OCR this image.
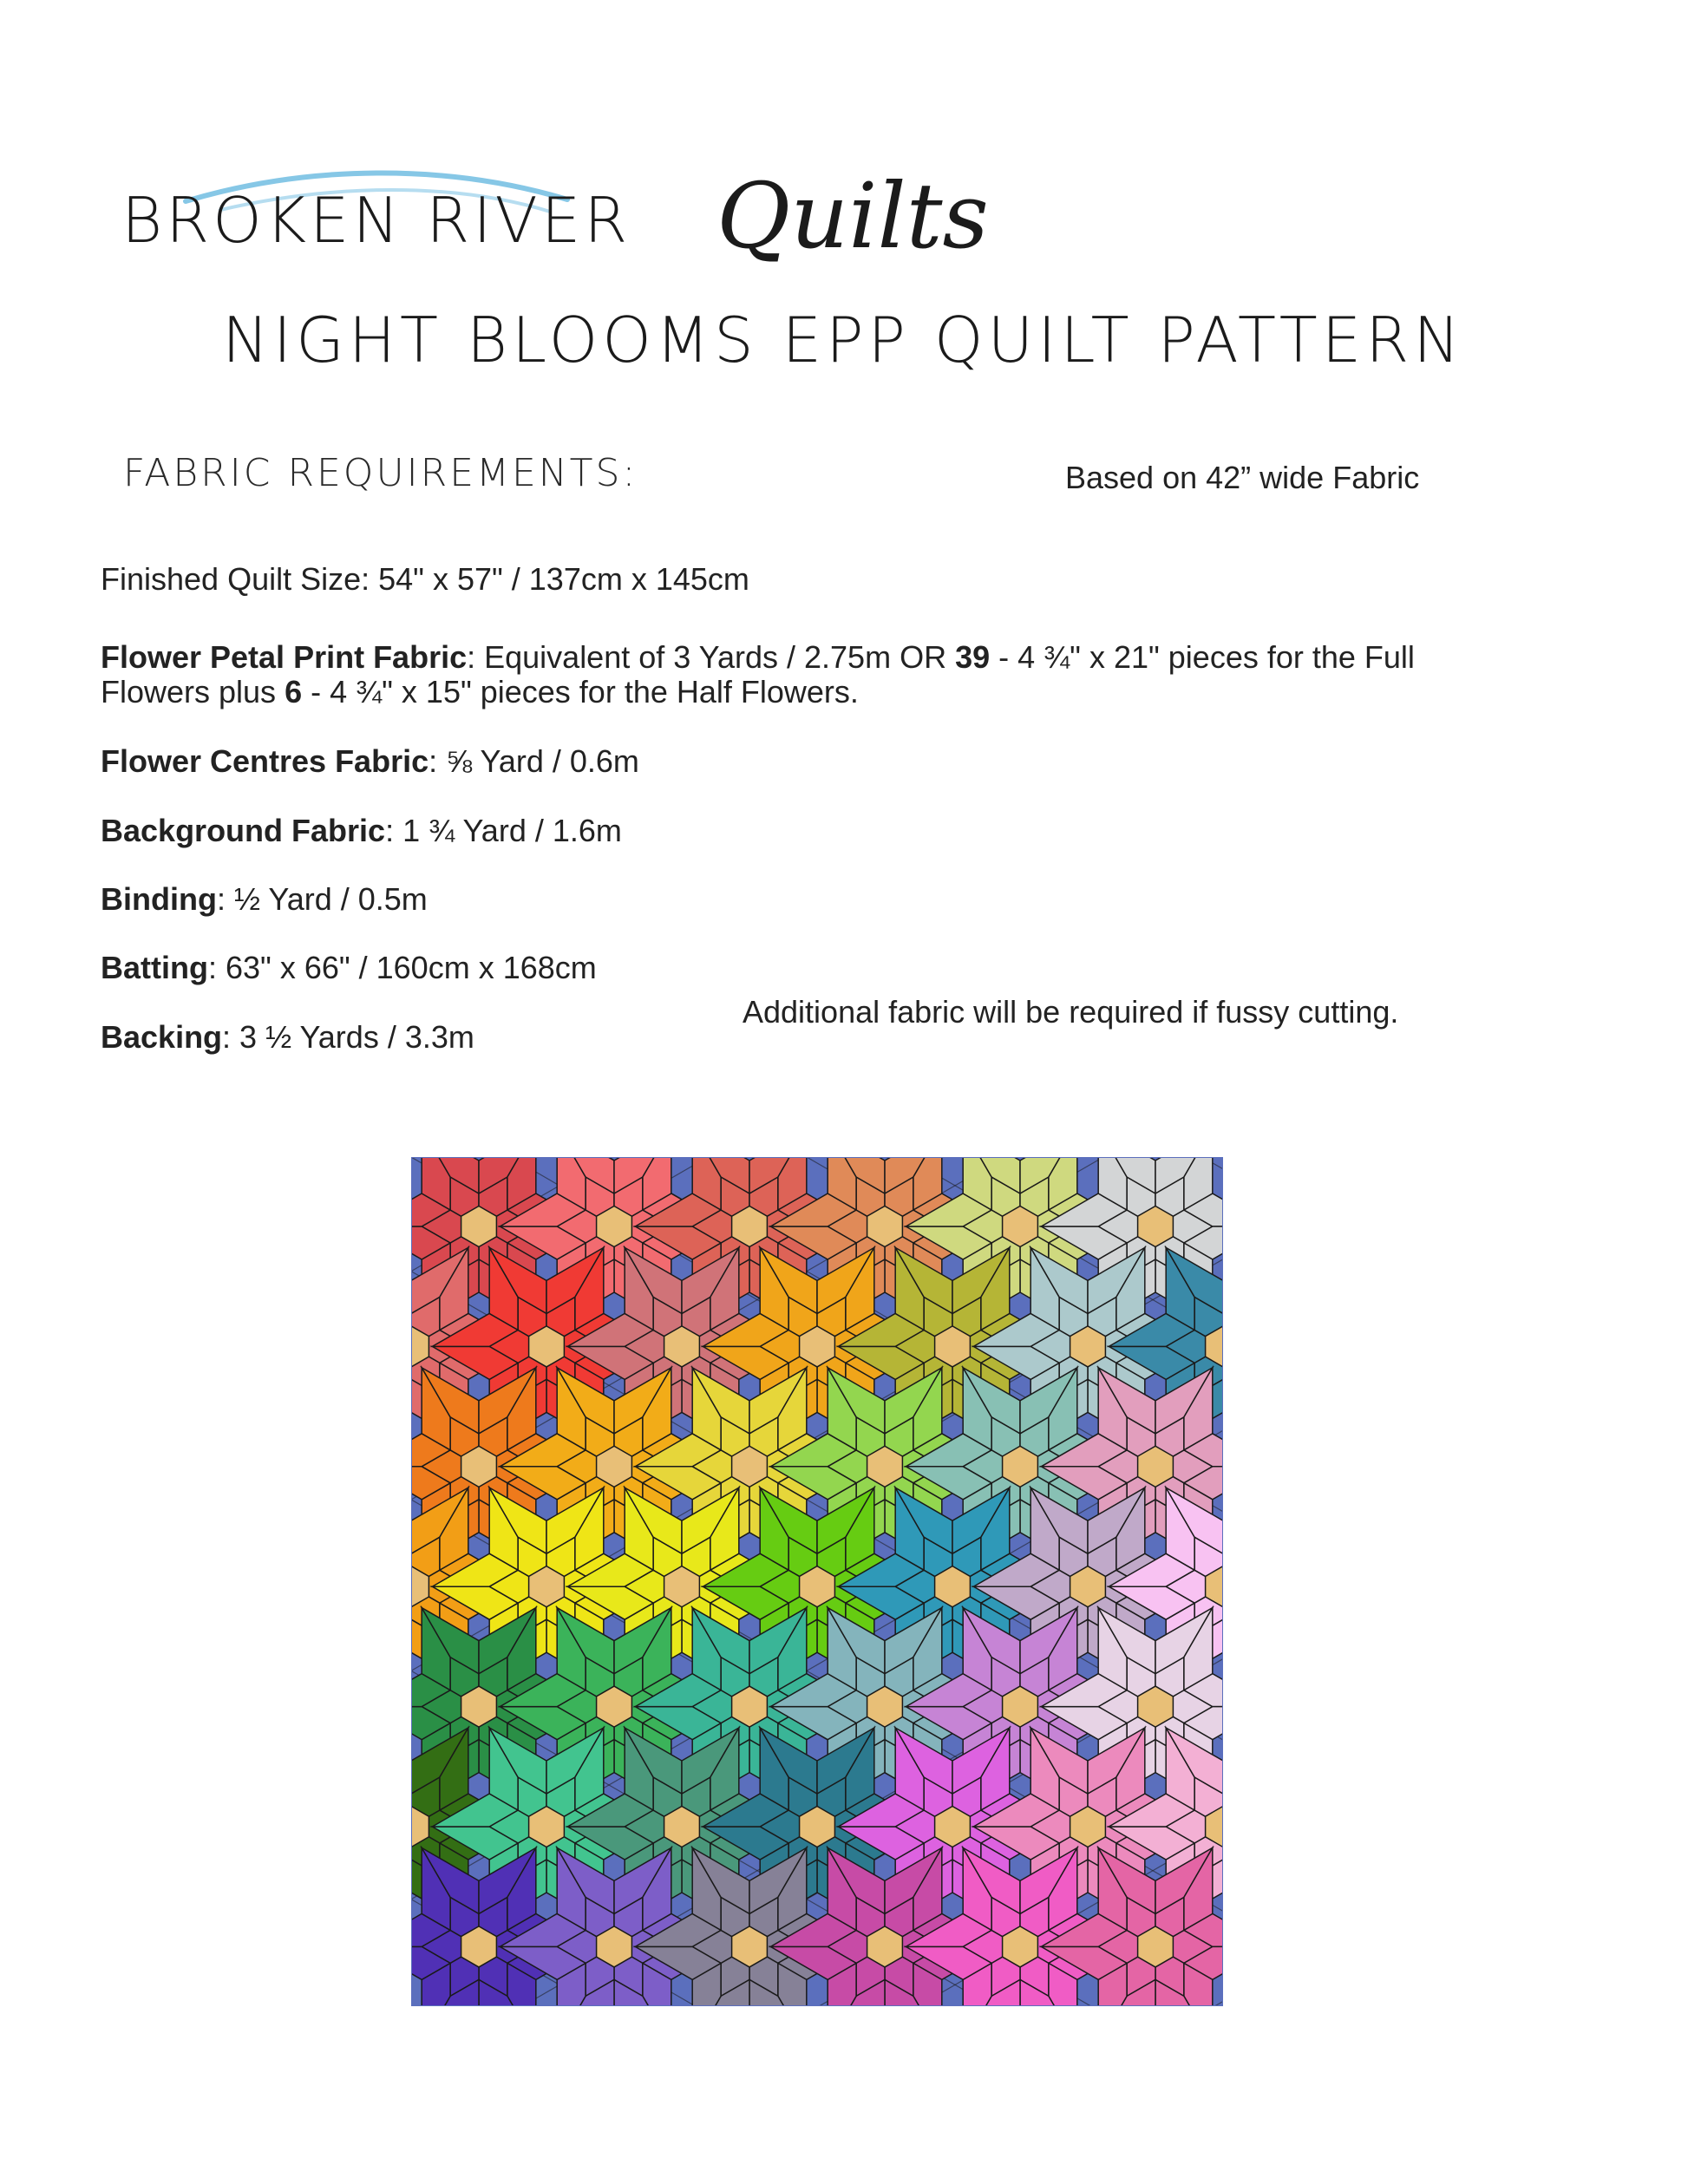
BROKEN RIVER Quilts
NIGHT BLOOMS EPP QUILT PATTERN
FABRIC REQUIREMENTS:	Based on 42” wide Fabric
Finished Quilt Size: 54" x 57" / 137cm x 145cm
Flower Petal Print Fabric: Equivalent of 3 Yards / 2.75m OR 39 - 4 ¾" x 21" pieces for the Full
Flowers plus 6 - 4 ¾" x 15" pieces for the Half Flowers.
Flower Centres Fabric: ⅝ Yard / 0.6m
Background Fabric: 1 ¾ Yard / 1.6m
Binding: ½ Yard / 0.5m
Batting: 63" x 66" / 160cm x 168cm
Backing: 3 ½ Yards / 3.3m
Additional fabric will be required if fussy cutting.
